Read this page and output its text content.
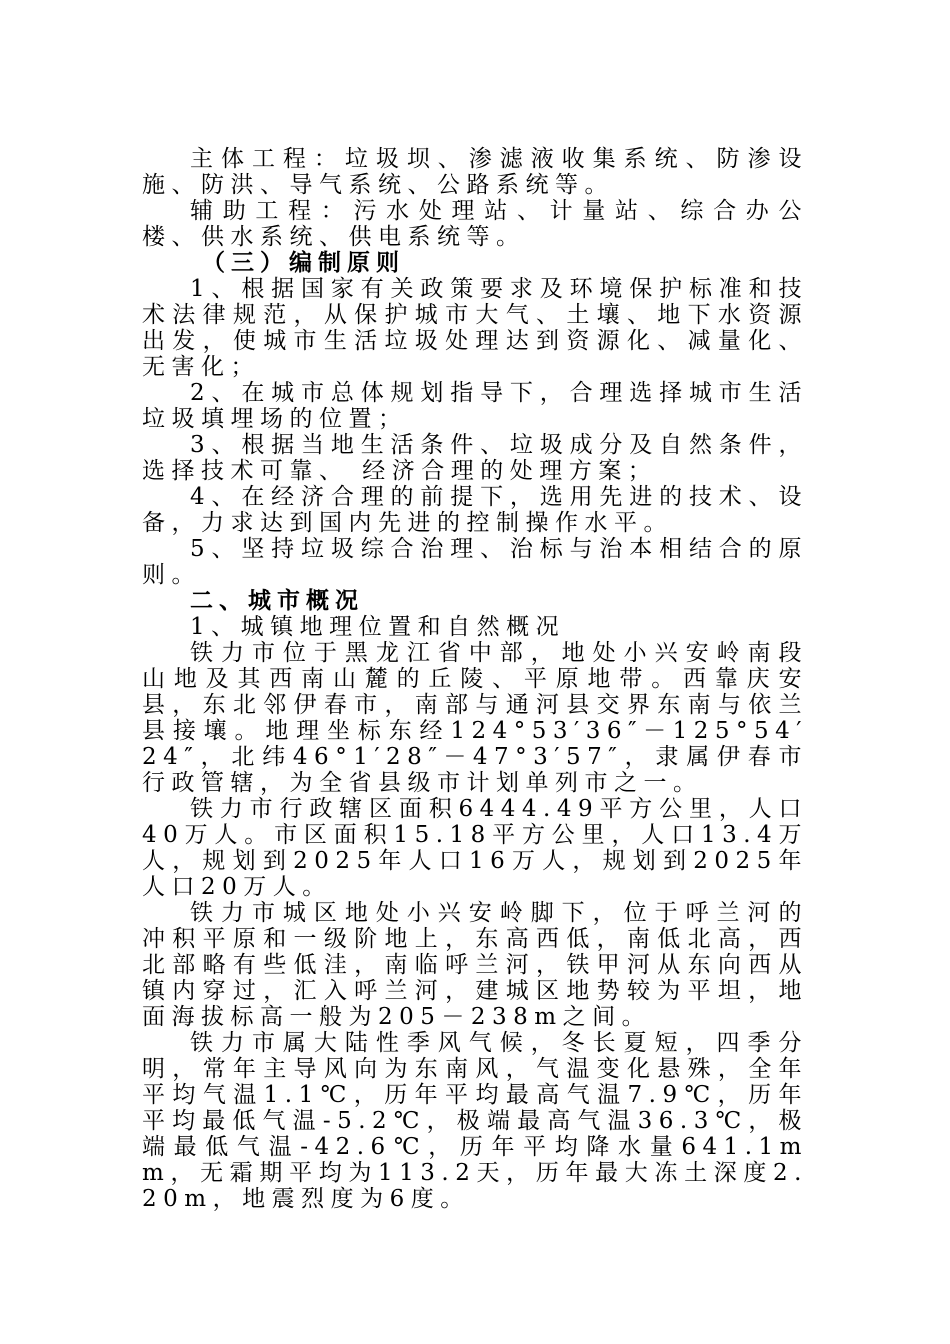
主体工程：垃圾坝、渗滤液收集系统、防渗设施、防洪、导气系统、公路系统等。

辅助工程：污水处理站、计量站、综合办公楼、供水系统、供电系统等。

（三）编制原则

1、根据国家有关政策要求及环境保护标准和技术法律规范，从保护城市大气、土壤、地下水资源出发，使城市生活垃圾处理达到资源化、减量化、无害化；

2、在城市总体规划指导下，合理选择城市生活垃圾填埋场的位置；

3、根据当地生活条件、垃圾成分及自然条件，选择技术可靠、 经济合理的处理方案；

4、在经济合理的前提下，选用先进的技术、设备，力求达到国内先进的控制操作水平。

5、坚持垃圾综合治理、治标与治本相结合的原则。

二、城市概况

1、城镇地理位置和自然概况

铁力市位于黑龙江省中部，地处小兴安岭南段山地及其西南山麓的丘陵、平原地带。西靠庆安县，东北邻伊春市，南部与通河县交界东南与依兰县接壤。地理坐标东经124°53′36″－125°54′24″，北纬46°1′28″－47°3′57″，隶属伊春市行政管辖，为全省县级市计划单列市之一。

铁力市行政辖区面积6444.49平方公里，人口40万人。市区面积15.18平方公里，人口13.4万人，规划到2025年人口16万人，规划到2025年人口20万人。

铁力市城区地处小兴安岭脚下，位于呼兰河的冲积平原和一级阶地上，东高西低，南低北高，西北部略有些低洼，南临呼兰河，铁甲河从东向西从镇内穿过，汇入呼兰河，建城区地势较为平坦，地面海拔标高一般为205－238m之间。

铁力市属大陆性季风气候，冬长夏短，四季分明，常年主导风向为东南风，气温变化悬殊，全年平均气温1.1℃，历年平均最高气温7.9℃，历年平均最低气温-5.2℃，极端最高气温36.3℃，极端最低气温-42.6℃，历年平均降水量641.1mm，无霜期平均为113.2天，历年最大冻土深度2.20m，地震烈度为6度。
